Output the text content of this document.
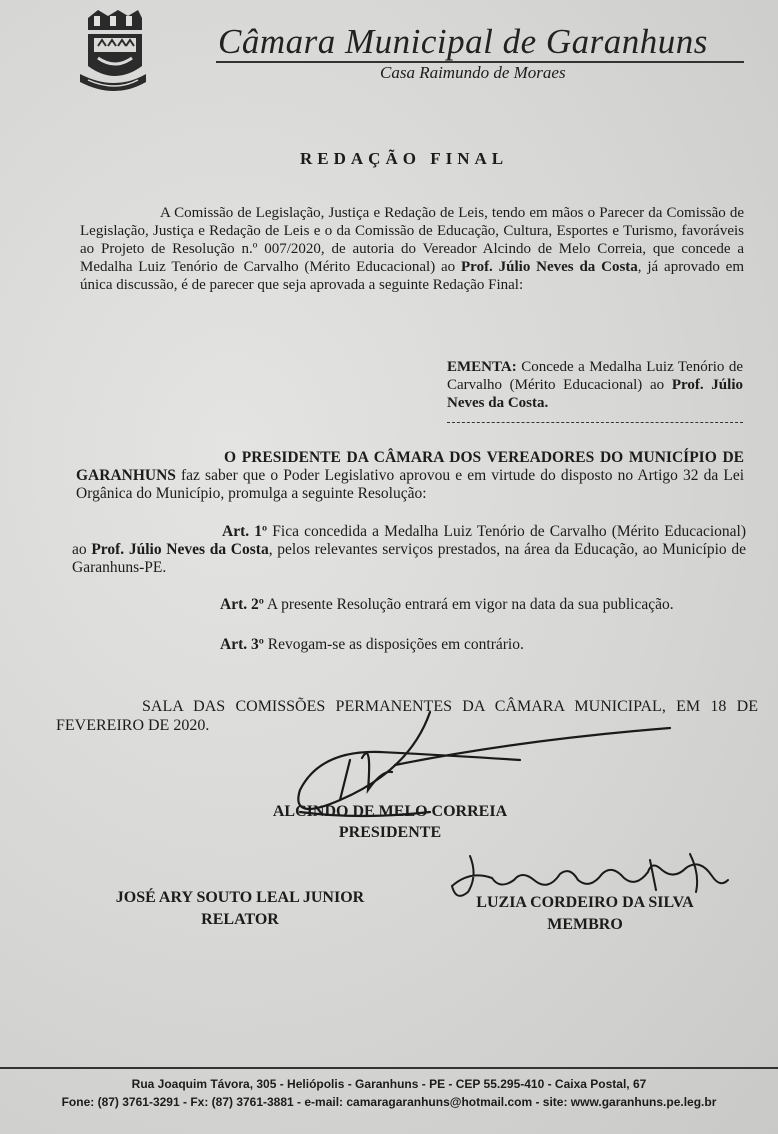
Câmara Municipal de Garanhuns
Casa Raimundo de Moraes
REDAÇÃO FINAL
A Comissão de Legislação, Justiça e Redação de Leis, tendo em mãos o Parecer da Comissão de Legislação, Justiça e Redação de Leis e o da Comissão de Educação, Cultura, Esportes e Turismo, favoráveis ao Projeto de Resolução n.º 007/2020, de autoria do Vereador Alcindo de Melo Correia, que concede a Medalha Luiz Tenório de Carvalho (Mérito Educacional) ao Prof. Júlio Neves da Costa, já aprovado em única discussão, é de parecer que seja aprovada a seguinte Redação Final:
EMENTA: Concede a Medalha Luiz Tenório de Carvalho (Mérito Educacional) ao Prof. Júlio Neves da Costa.
O PRESIDENTE DA CÂMARA DOS VEREADORES DO MUNICÍPIO DE GARANHUNS faz saber que o Poder Legislativo aprovou e em virtude do disposto no Artigo 32 da Lei Orgânica do Município, promulga a seguinte Resolução:
Art. 1º Fica concedida a Medalha Luiz Tenório de Carvalho (Mérito Educacional) ao Prof. Júlio Neves da Costa, pelos relevantes serviços prestados, na área da Educação, ao Município de Garanhuns-PE.
Art. 2º A presente Resolução entrará em vigor na data da sua publicação.
Art. 3º Revogam-se as disposições em contrário.
SALA DAS COMISSÕES PERMANENTES DA CÂMARA MUNICIPAL, EM 18 DE FEVEREIRO DE 2020.
ALCINDO DE MELO CORREIA
PRESIDENTE
JOSÉ ARY SOUTO LEAL JUNIOR
RELATOR
LUZIA CORDEIRO DA SILVA
MEMBRO
Rua Joaquim Távora, 305 - Heliópolis - Garanhuns - PE - CEP 55.295-410 - Caixa Postal, 67
Fone: (87) 3761-3291 - Fx: (87) 3761-3881 - e-mail: camaragaranhuns@hotmail.com - site: www.garanhuns.pe.leg.br
